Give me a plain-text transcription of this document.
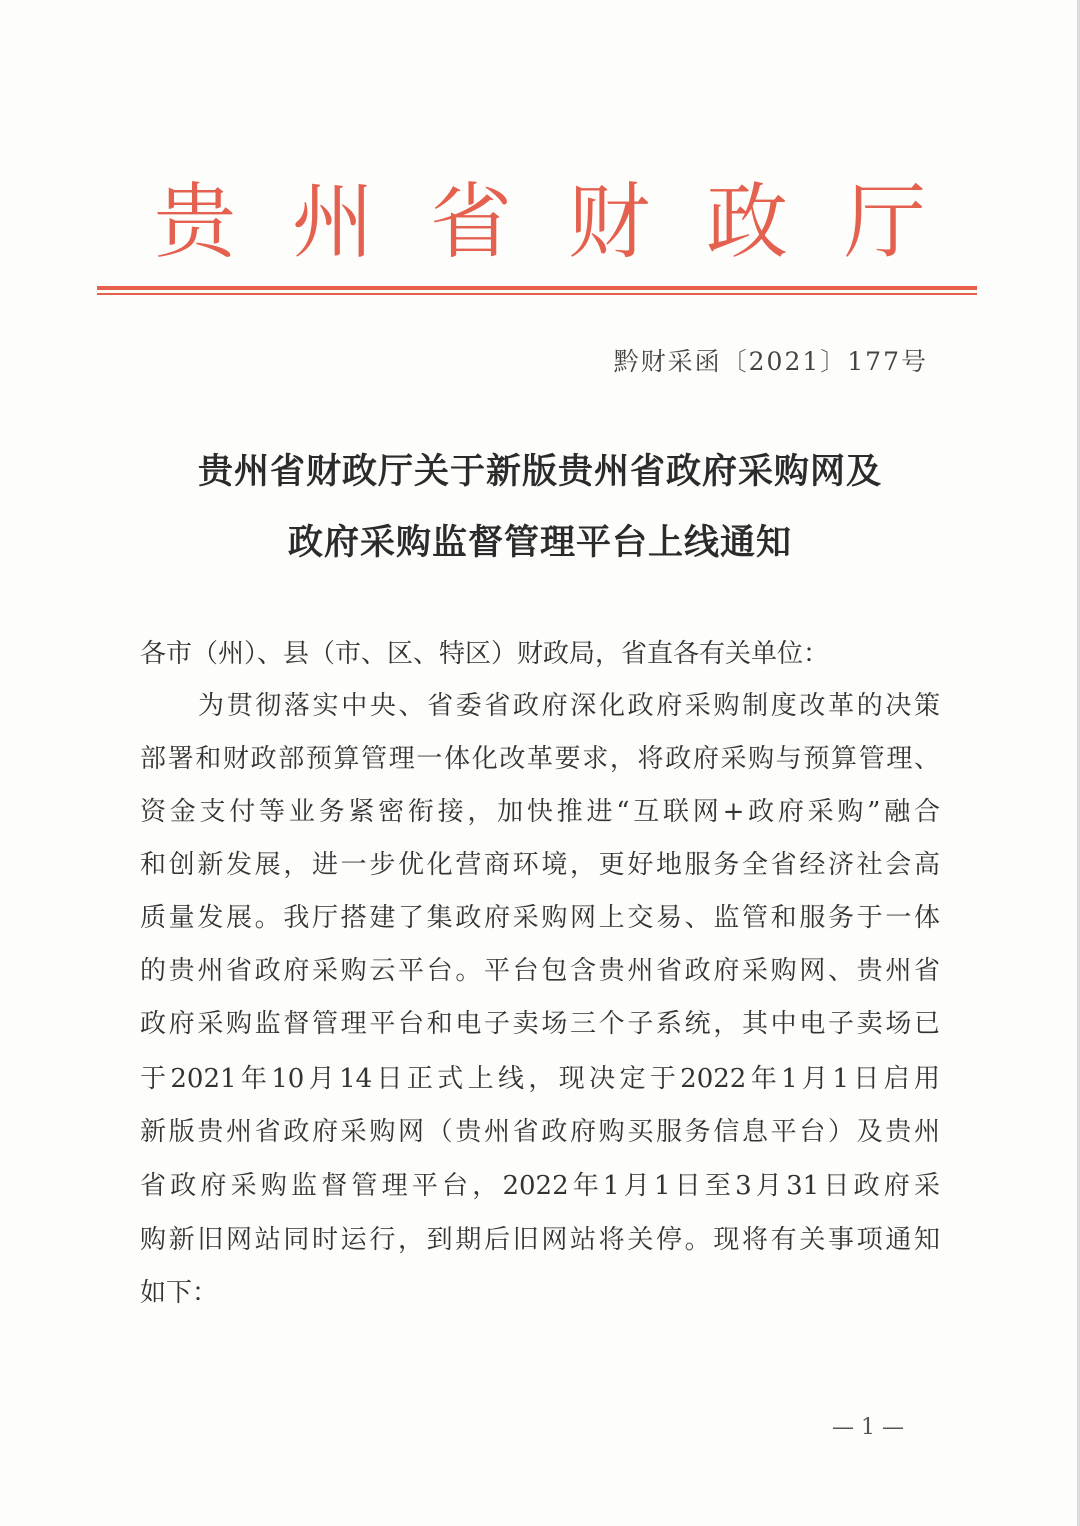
贵州省财政厅
黔财采函〔2021〕177号
贵州省财政厅关于新版贵州省政府采购网及
政府采购监督管理平台上线通知
各市（州）、县（市、区、特区）财政局，省直各有关单位：
为贯彻落实中央、省委省政府深化政府采购制度改革的决策
部署和财政部预算管理一体化改革要求，将政府采购与预算管理、
资金支付等业务紧密衔接，加快推进“互联网+政府采购”融合
和创新发展，进一步优化营商环境，更好地服务全省经济社会高
质量发展。我厅搭建了集政府采购网上交易、监管和服务于一体
的贵州省政府采购云平台。平台包含贵州省政府采购网、贵州省
政府采购监督管理平台和电子卖场三个子系统，其中电子卖场已
于2021年10月14日正式上线，现决定于2022年1月1日启用
新版贵州省政府采购网（贵州省政府购买服务信息平台）及贵州
省政府采购监督管理平台，2022年1月1日至3月31日政府采
购新旧网站同时运行，到期后旧网站将关停。现将有关事项通知
如下：
— 1 —
